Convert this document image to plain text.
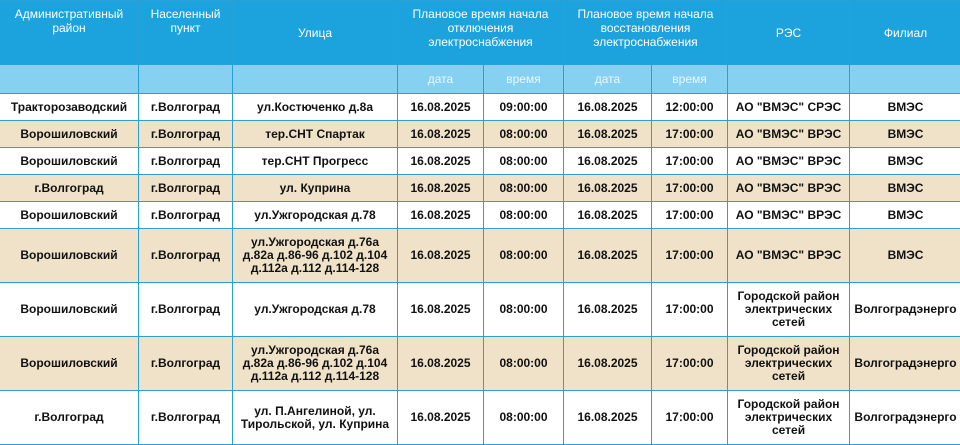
Административный район	Населенный пункт	Улица	Плановое время начала отключения электроснабжения		Плановое время начала восстановления электроснабжения		РЭС	Филиал
			дата	время	дата	время		
Тракторозаводский	г.Волгоград	ул.Костюченко д.8а	16.08.2025	09:00:00	16.08.2025	12:00:00	АО "ВМЭС" СРЭС	ВМЭС
Ворошиловский	г.Волгоград	тер.СНТ Спартак	16.08.2025	08:00:00	16.08.2025	17:00:00	АО "ВМЭС" ВРЭС	ВМЭС
Ворошиловский	г.Волгоград	тер.СНТ Прогресс	16.08.2025	08:00:00	16.08.2025	17:00:00	АО "ВМЭС" ВРЭС	ВМЭС
г.Волгоград	г.Волгоград	ул. Куприна	16.08.2025	08:00:00	16.08.2025	17:00:00	АО "ВМЭС" ВРЭС	ВМЭС
Ворошиловский	г.Волгоград	ул.Ужгородская д.78	16.08.2025	08:00:00	16.08.2025	17:00:00	АО "ВМЭС" ВРЭС	ВМЭС
Ворошиловский	г.Волгоград	ул.Ужгородская д.76а д.82а д.86-96 д.102 д.104 д.112а д.112 д.114-128	16.08.2025	08:00:00	16.08.2025	17:00:00	АО "ВМЭС" ВРЭС	ВМЭС
Ворошиловский	г.Волгоград	ул.Ужгородская д.78	16.08.2025	08:00:00	16.08.2025	17:00:00	Городской район электрических сетей	Волгоградэнерго
Ворошиловский	г.Волгоград	ул.Ужгородская д.76а д.82а д.86-96 д.102 д.104 д.112а д.112 д.114-128	16.08.2025	08:00:00	16.08.2025	17:00:00	Городской район электрических сетей	Волгоградэнерго
г.Волгоград	г.Волгоград	ул. П.Ангелиной, ул. Тирольской, ул. Куприна	16.08.2025	08:00:00	16.08.2025	17:00:00	Городской район электрических сетей	Волгоградэнерго
